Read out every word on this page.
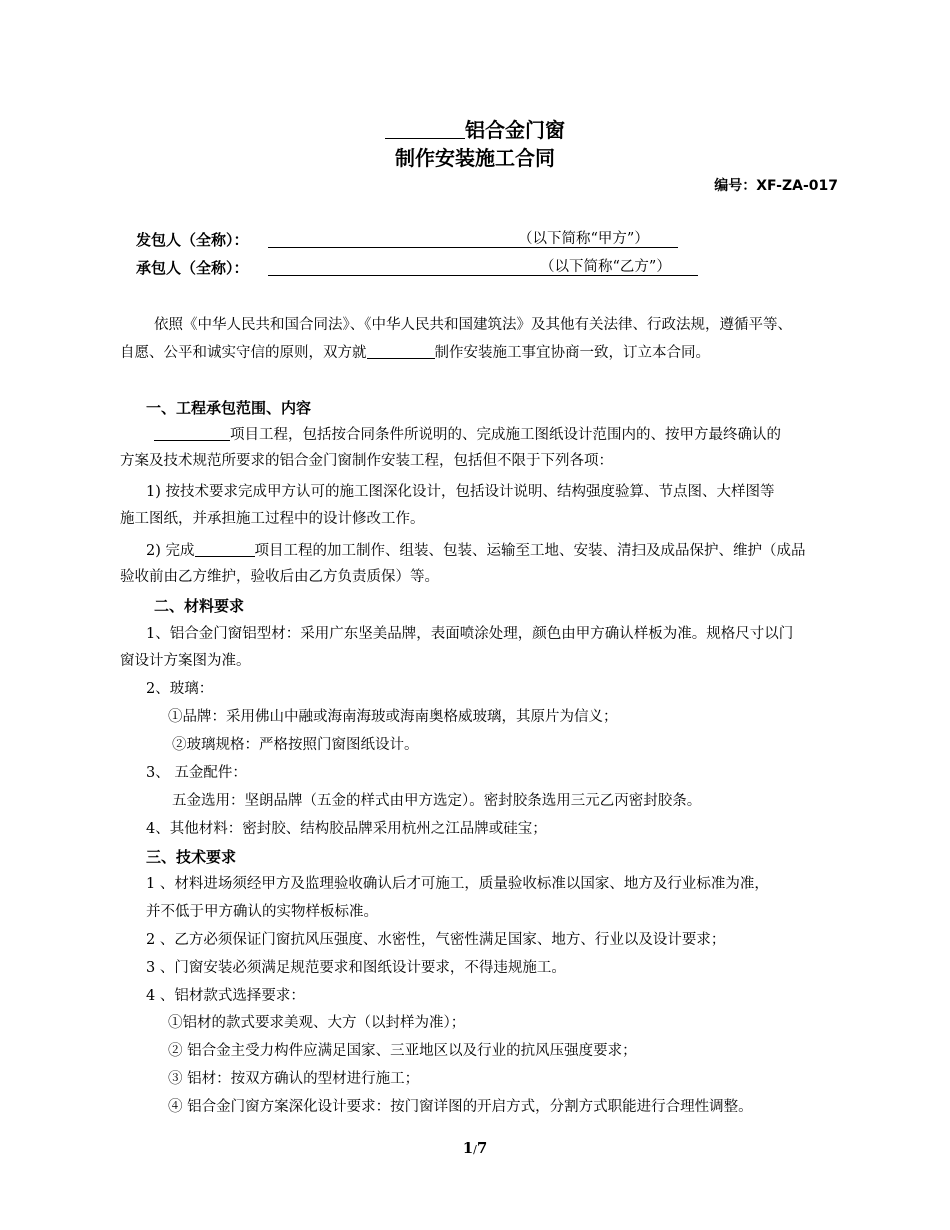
铝合金门窗
制作安装施工合同
编号：XF-ZA-017
发包人（全称）：	（以下简称“甲方”）
承包人（全称）：	（以下简称“乙方”）
依照《中华人民共和国合同法》、《中华人民共和国建筑法》及其他有关法律、行政法规，遵循平等、
自愿、公平和诚实守信的原则，双方就	制作安装施工事宜协商一致，订立本合同。
一、工程承包范围、内容
项目工程，包括按合同条件所说明的、完成施工图纸设计范围内的、按甲方最终确认的
方案及技术规范所要求的铝合金门窗制作安装工程，包括但不限于下列各项：
1) 按技术要求完成甲方认可的施工图深化设计，包括设计说明、结构强度验算、节点图、大样图等
施工图纸，并承担施工过程中的设计修改工作。
2) 完成	项目工程的加工制作、组装、包装、运输至工地、安装、清扫及成品保护、维护（成品
验收前由乙方维护，验收后由乙方负责质保）等。
二、材料要求
1、铝合金门窗铝型材：采用广东坚美品牌，表面喷涂处理，颜色由甲方确认样板为准。规格尺寸以门
窗设计方案图为准。
2、玻璃：
①品牌：采用佛山中融或海南海玻或海南奥格威玻璃，其原片为信义；
②玻璃规格：严格按照门窗图纸设计。
3、 五金配件：
五金选用：坚朗品牌（五金的样式由甲方选定）。密封胶条选用三元乙丙密封胶条。
4、其他材料：密封胶、结构胶品牌采用杭州之江品牌或硅宝；
三、技术要求
1 、材料进场须经甲方及监理验收确认后才可施工，质量验收标准以国家、地方及行业标准为准，
并不低于甲方确认的实物样板标准。
2 、乙方必须保证门窗抗风压强度、水密性，气密性满足国家、地方、行业以及设计要求；
3 、门窗安装必须满足规范要求和图纸设计要求，不得违规施工。
4 、铝材款式选择要求：
①铝材的款式要求美观、大方（以封样为准）；
② 铝合金主受力构件应满足国家、三亚地区以及行业的抗风压强度要求；
③ 铝材：按双方确认的型材进行施工；
④ 铝合金门窗方案深化设计要求：按门窗详图的开启方式，分割方式职能进行合理性调整。
1/7
